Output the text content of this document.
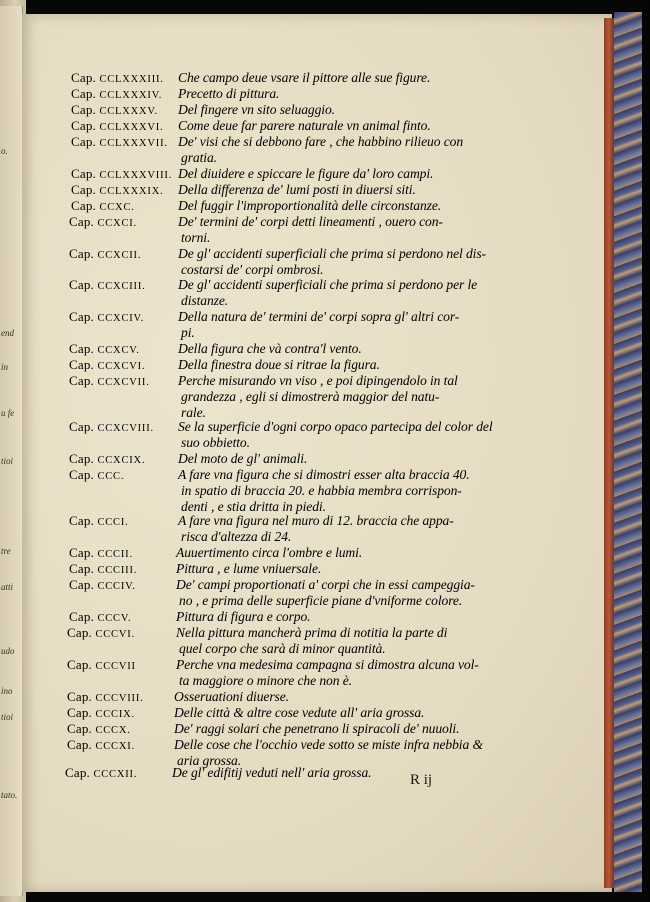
o.
end
in
u fe
tioi
tre
atti
udo
ino
tioi
tato.
Cap. CCLXXXIII. Che campo deue vsare il pittore alle sue figure.
Cap. CCLXXXIV. Precetto di pittura.
Cap. CCLXXXV. Del fingere vn sito seluaggio.
Cap. CCLXXXVI. Come deue far parere naturale vn animal finto.
Cap. CCLXXXVII. De' visi che si debbono fare , che habbino rilieuo con
gratia.
Cap. CCLXXXVIII. Del diuidere e spiccare le figure da' loro campi.
Cap. CCLXXXIX. Della differenza de' lumi posti in diuersi siti.
Cap. CCXC.	Del fuggir l'improportionalità delle circonstanze.
Cap. CCXCI.	De' termini de' corpi detti lineamenti , ouero con-
torni.
Cap. CCXCII.	De gl' accidenti superficiali che prima si perdono nel dis-
costarsi de' corpi ombrosi.
Cap. CCXCIII. De gl' accidenti superficiali che prima si perdono per le
distanze.
Cap. CCXCIV.	Della natura de' termini de' corpi sopra gl' altri cor-
pi.
Cap. CCXCV.	Della figura che và contra'l vento.
Cap. CCXCVI. Della finestra doue si ritrae la figura.
Cap. CCXCVII. Perche misurando vn viso , e poi dipingendolo in tal
grandezza , egli si dimostrerà maggior del natu-
rale.
Cap. CCXCVIII. Se la superficie d'ogni corpo opaco partecipa del color del
suo obbietto.
Cap. CCXCIX. Del moto de gl' animali.
Cap. CCC.	A fare vna figura che si dimostri esser alta braccia 40.
in spatio di braccia 20. e habbia membra corrispon-
denti , e stia dritta in piedi.
Cap. CCCI.	A fare vna figura nel muro di 12. braccia che appa-
risca d'altezza di 24.
Cap. CCCII.	Auuertimento circa l'ombre e lumi.
Cap. CCCIII.	Pittura , e lume vniuersale.
Cap. CCCIV.	De' campi proportionati a' corpi che in essi campeggia-
no , e prima delle superficie piane d'vniforme colore.
Cap. CCCV.	Pittura di figura e corpo.
Cap. CCCVI.	Nella pittura mancherà prima di notitia la parte di
quel corpo che sarà di minor quantità.
Cap. CCCVII	Perche vna medesima campagna si dimostra alcuna vol-
ta maggiore o minore che non è.
Cap. CCCVIII. Osseruationi diuerse.
Cap. CCCIX.	Delle città & altre cose vedute all' aria grossa.
Cap. CCCX.	De' raggi solari che penetrano li spiracoli de' nuuoli.
Cap. CCCXI.	Delle cose che l'occhio vede sotto se miste infra nebbia &
aria grossa.
Cap. CCCXII.	De gl' edifitij veduti nell' aria grossa.	R ij
